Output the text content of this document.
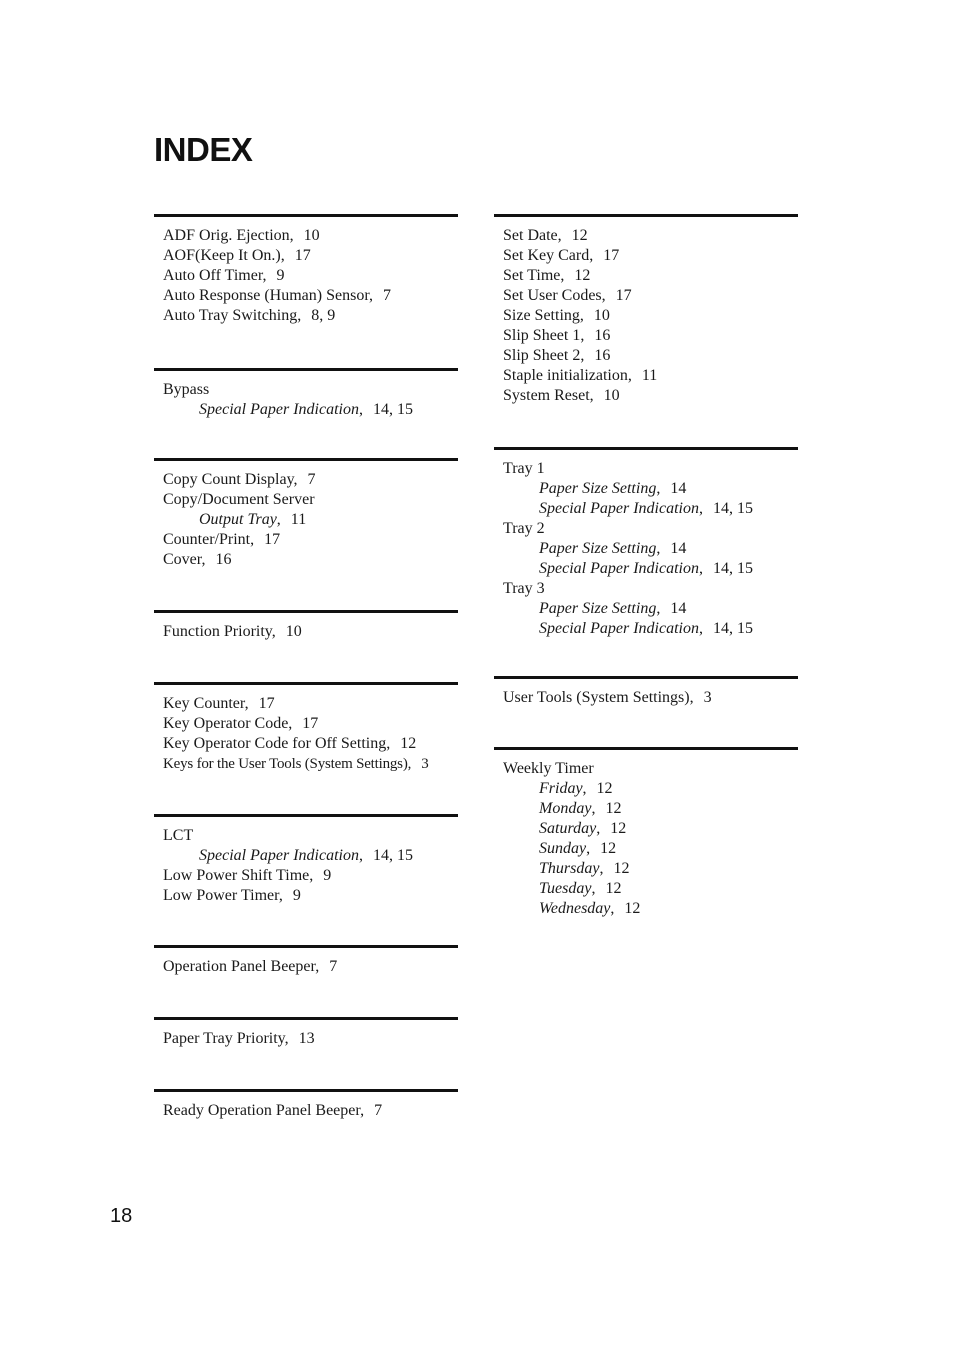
INDEX
ADF Orig. Ejection, 10
AOF(Keep It On.), 17
Auto Off Timer, 9
Auto Response (Human) Sensor, 7
Auto Tray Switching, 8, 9
Bypass
Special Paper Indication, 14, 15
Copy Count Display, 7
Copy/Document Server
Output Tray, 11
Counter/Print, 17
Cover, 16
Function Priority, 10
Key Counter, 17
Key Operator Code, 17
Key Operator Code for Off Setting, 12
Keys for the User Tools (System Settings), 3
LCT
Special Paper Indication, 14, 15
Low Power Shift Time, 9
Low Power Timer, 9
Operation Panel Beeper, 7
Paper Tray Priority, 13
Ready Operation Panel Beeper, 7
Set Date, 12
Set Key Card, 17
Set Time, 12
Set User Codes, 17
Size Setting, 10
Slip Sheet 1, 16
Slip Sheet 2, 16
Staple initialization, 11
System Reset, 10
Tray 1
Paper Size Setting, 14
Special Paper Indication, 14, 15
Tray 2
Paper Size Setting, 14
Special Paper Indication, 14, 15
Tray 3
Paper Size Setting, 14
Special Paper Indication, 14, 15
User Tools (System Settings), 3
Weekly Timer
Friday, 12
Monday, 12
Saturday, 12
Sunday, 12
Thursday, 12
Tuesday, 12
Wednesday, 12
18
